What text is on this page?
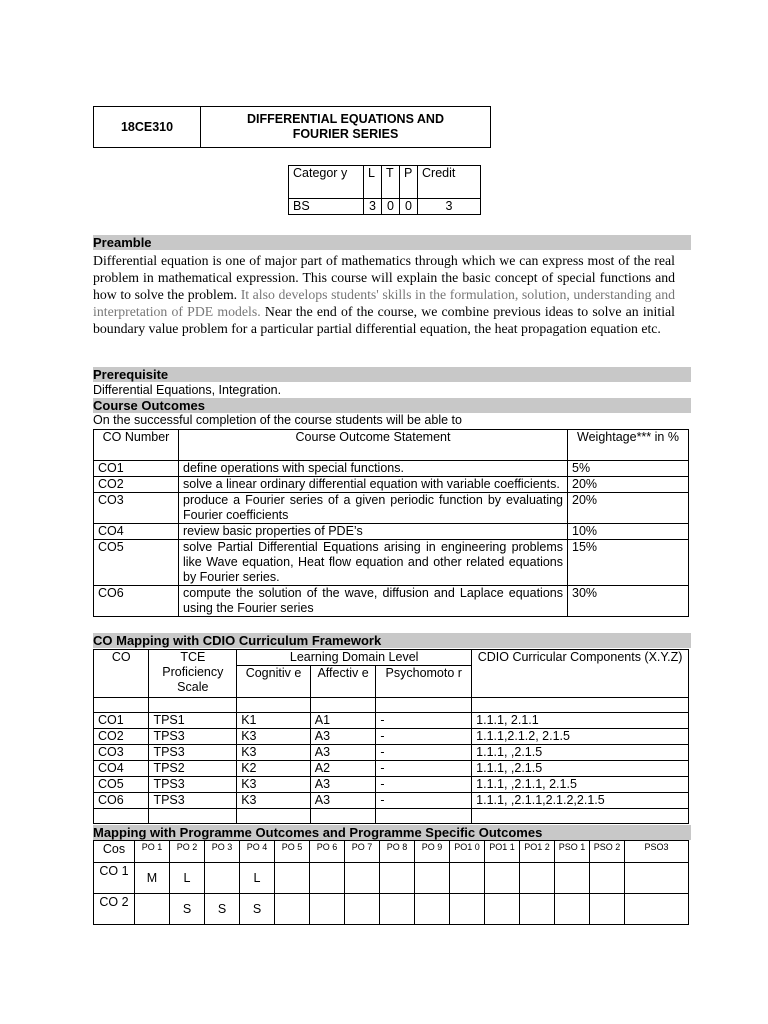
18CE310	
DIFFERENTIAL EQUATIONS AND
FOURIER SERIES
Categor y	L	T	P	Credit
BS	3	0	0	3
Preamble
Differential equation is one of major part of mathematics through which we can express most of the real problem in mathematical expression. This course will explain the basic concept of special functions and how to solve the problem. It also develops students' skills in the formulation, solution, understanding and interpretation of PDE models. Near the end of the course, we combine previous ideas to solve an initial boundary value problem for a particular partial differential equation, the heat propagation equation etc.
Prerequisite
Differential Equations, Integration.
Course Outcomes
On the successful completion of the course students will be able to
CO Number	Course Outcome Statement	Weightage*** in %
CO1	define operations with special functions.	5%
CO2	solve a linear ordinary differential equation with variable coefficients.	20%
CO3	produce a Fourier series of a given periodic function by evaluating Fourier coefficients	20%
CO4	review basic properties of PDE’s	10%
CO5	solve Partial Differential Equations arising in engineering problems like Wave equation, Heat flow equation and other related equations by Fourier series.	15%
CO6	compute the solution of the wave, diffusion and Laplace equations using the Fourier series	30%
CO Mapping with CDIO Curriculum Framework
CO	TCE Proficiency Scale	Learning Domain Level			CDIO Curricular Components (X.Y.Z)
		Cognitiv e	Affectiv e	Psychomoto r	

CO1	TPS1	K1	A1	-	1.1.1, 2.1.1
CO2	TPS3	K3	A3	-	1.1.1,2.1.2, 2.1.5
CO3	TPS3	K3	A3	-	1.1.1, ,2.1.5
CO4	TPS2	K2	A2	-	1.1.1, ,2.1.5
CO5	TPS3	K3	A3	-	1.1.1, ,2.1.1, 2.1.5
CO6	TPS3	K3	A3	-	1.1.1, ,2.1.1,2.1.2,2.1.5

Mapping with Programme Outcomes and Programme Specific Outcomes
Cos	PO 1	PO 2	PO 3	PO 4	PO 5	PO 6	PO 7	PO 8	PO 9	PO1 0	PO1 1	PO1 2	PSO 1	PSO 2	PSO3
CO 1	M	L		L											
CO 2		S	S	S											
